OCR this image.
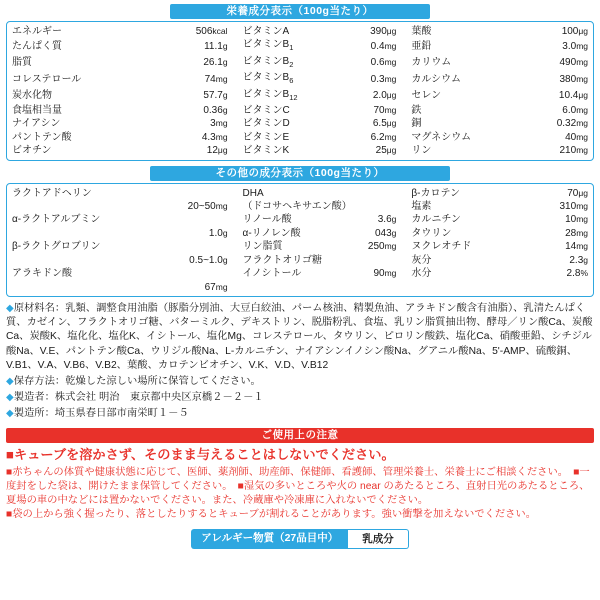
栄養成分表示（100g当たり）
エネルギー	506kcal		ビタミンA	390μg		葉酸	100μg
たんぱく質	11.1g		ビタミン$B_1$	0.4mg		亜鉛	3.0mg
脂質	26.1g		ビタミン$B_2$	0.6mg		カリウム	490mg
コレステロール	74mg		ビタミン$B_6$	0.3mg		カルシウム	380mg
炭水化物	57.7g		ビタミン$B_{12}$	2.0μg		セレン	10.4μg
食塩相当量	0.36g		ビタミンC	70mg		鉄	6.0mg
ナイアシン	3mg		ビタミンD	6.5μg		銅	0.32mg
パントテン酸	4.3mg		ビタミンE	6.2mg		マグネシウム	40mg
ビオチン	12μg		ビタミンK	25μg		リン	210mg
その他の成分表示（100g当たり）
ラクトアドヘリン			DHA			β-カロテン	70μg
	20~50mg		（ドコサヘキサエン酸）			塩素	310mg
α-ラクトアルブミン			リノール酸	3.6g		カルニチン	10mg
	1.0g		α-リノレン酸	043g		タウリン	28mg
β-ラクトグロブリン			リン脂質	250mg		ヌクレオチド	14mg
	0.5~1.0g		フラクトオリゴ糖			灰分	2.3g
アラキドン酸			イノシトール	90mg		水分	2.8%
	67mg						

◆原材料名：乳類、調整食用油脂（豚脂分別油、大豆白絞油、パーム核油、精製魚油、アラキドン酸含有油脂）、乳清たんぱく質、カゼイン、フラクトオリゴ糖、バターミルク、デキストリン、脱脂粉乳、食塩、乳リン脂質抽出物、酵母／リン酸Ca、炭酸Ca、炭酸K、塩化化、塩化K、イシトール、塩化Mg、コレステロール、タウリン、ピロリン酸鉄、塩化Ca、硝酸亜鉛、シチジル酸Na、V.E、パントテン酸Ca、ウリジル酸Na、L-カルニチン、ナイアシンイノシン酸Na、グアニル酸Na、5'-AMP、硫酸銅、V.B1、V.A、V.B6、V.B2、葉酸、カロテンビオチン、V.K、V.D、V.B12

◆保存方法：乾燥した涼しい場所に保管してください。

◆製造者：株式会社 明治　東京都中央区京橋２－２－１

◆製造所：埼玉県春日部市南栄町１－５

ご使用上の注意
■キューブを溶かさず、そのまま与えることはしないでください。

■赤ちゃんの体質や健康状態に応じて、医師、薬剤師、助産師、保健師、看護師、管理栄養士、栄養士にご相談ください。　■一度封をした袋は、開けたまま保管してください。　■湿気の多いところや火の near のあたるところ、直射日光のあたるところ、夏場の車の中などには置かないでください。また、冷蔵庫や冷凍庫に入れないでください。

■袋の上から強く握ったり、落としたりするとキューブが割れることがあります。強い衝撃を加えないでください。

アレルギー物質（27品目中）	乳成分
